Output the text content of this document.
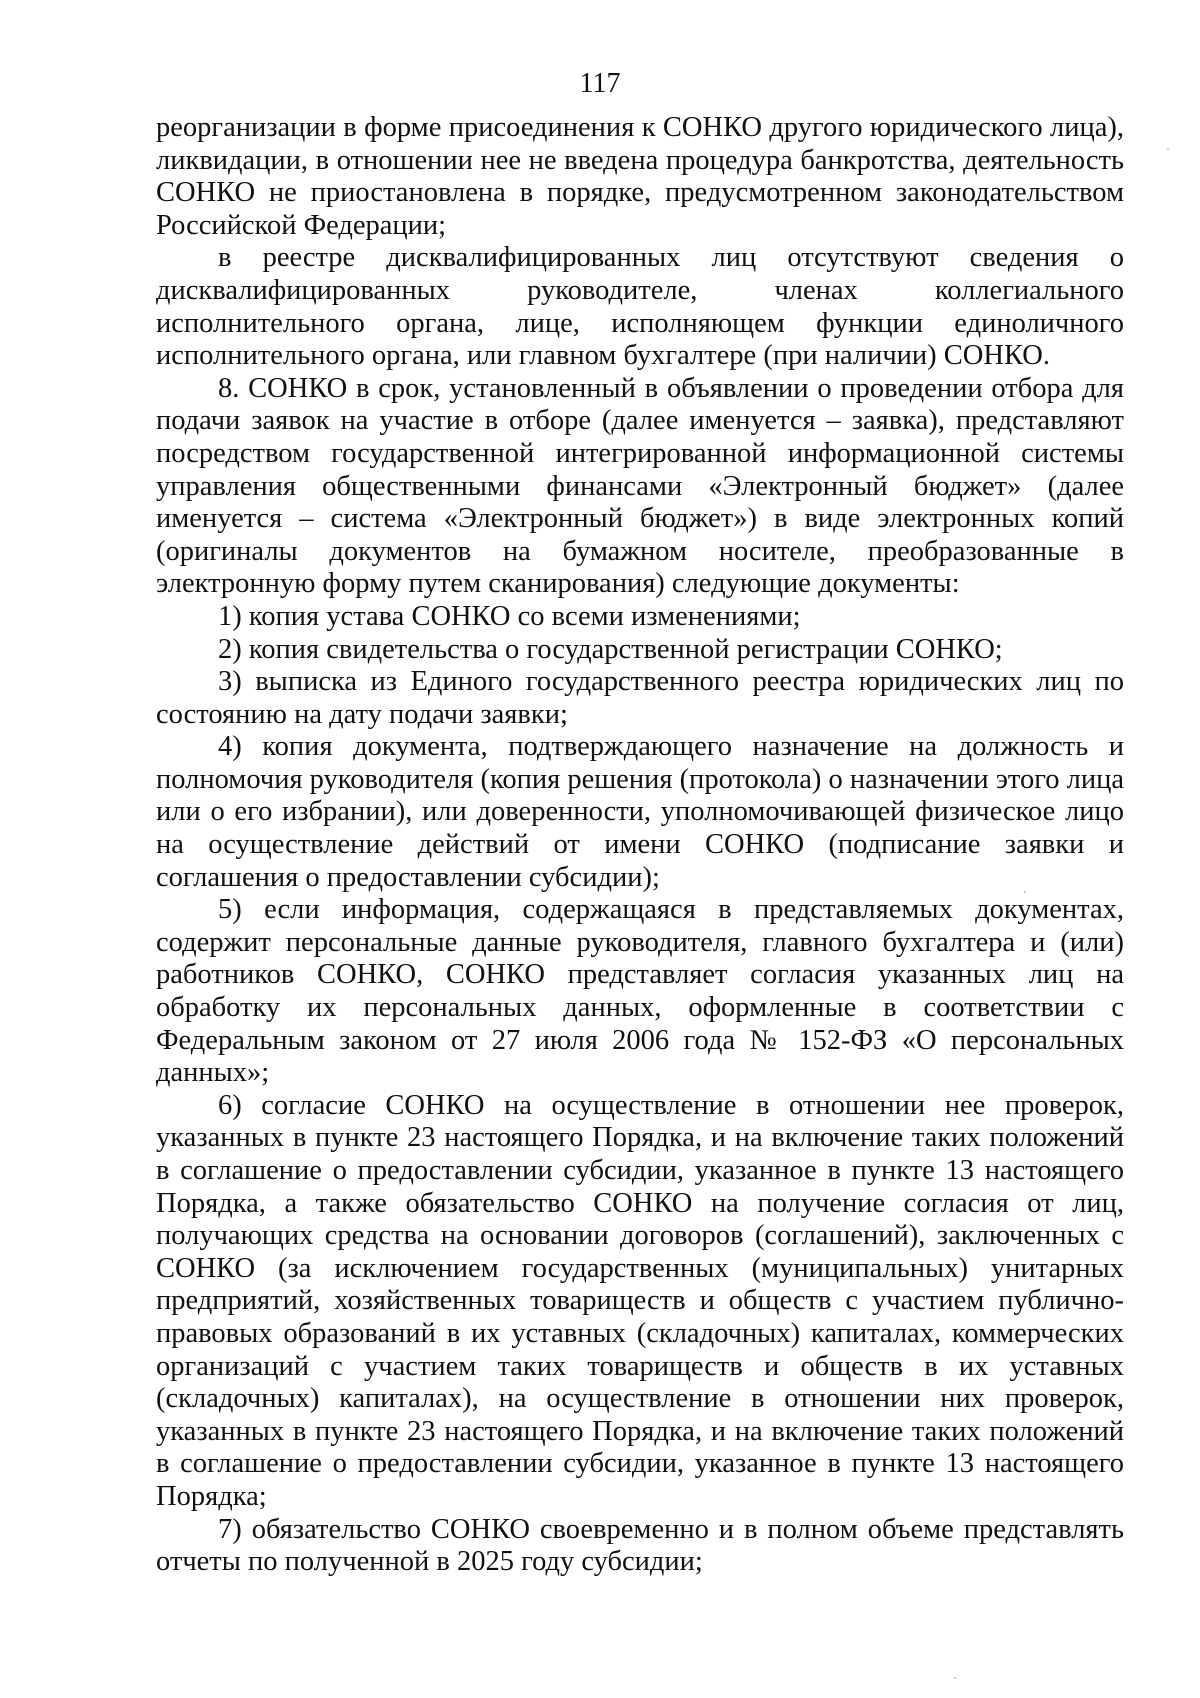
117

реорганизации в форме присоединения к СОНКО другого юридического лица), ликвидации, в отношении нее не введена процедура банкротства, деятельность СОНКО не приостановлена в порядке, предусмотренном законодательством Российской Федерации;

в реестре дисквалифицированных лиц отсутствуют сведения о дисквалифицированных руководителе, членах коллегиального исполнительного органа, лице, исполняющем функции единоличного исполнительного органа, или главном бухгалтере (при наличии) СОНКО.

8. СОНКО в срок, установленный в объявлении о проведении отбора для подачи заявок на участие в отборе (далее именуется – заявка), представляют посредством государственной интегрированной информационной системы управления общественными финансами «Электронный бюджет» (далее именуется – система «Электронный бюджет») в виде электронных копий (оригиналы документов на бумажном носителе, преобразованные в электронную форму путем сканирования) следующие документы:

1) копия устава СОНКО со всеми изменениями;

2) копия свидетельства о государственной регистрации СОНКО;

3) выписка из Единого государственного реестра юридических лиц по состоянию на дату подачи заявки;

4) копия документа, подтверждающего назначение на должность и полномочия руководителя (копия решения (протокола) о назначении этого лица или о его избрании), или доверенности, уполномочивающей физическое лицо на осуществление действий от имени СОНКО (подписание заявки и соглашения о предоставлении субсидии);

5) если информация, содержащаяся в представляемых документах, содержит персональные данные руководителя, главного бухгалтера и (или) работников СОНКО, СОНКО представляет согласия указанных лиц на обработку их персональных данных, оформленные в соответствии с Федеральным законом от 27 июля 2006 года № 152-ФЗ «О персональных данных»;

6) согласие СОНКО на осуществление в отношении нее проверок, указанных в пункте 23 настоящего Порядка, и на включение таких положений в соглашение о предоставлении субсидии, указанное в пункте 13 настоящего Порядка, а также обязательство СОНКО на получение согласия от лиц, получающих средства на основании договоров (соглашений), заключенных с СОНКО (за исключением государственных (муниципальных) унитарных предприятий, хозяйственных товариществ и обществ с участием публично-правовых образований в их уставных (складочных) капиталах, коммерческих организаций с участием таких товариществ и обществ в их уставных (складочных) капиталах), на осуществление в отношении них проверок, указанных в пункте 23 настоящего Порядка, и на включение таких положений в соглашение о предоставлении субсидии, указанное в пункте 13 настоящего Порядка;

7) обязательство СОНКО своевременно и в полном объеме представлять отчеты по полученной в 2025 году субсидии;
